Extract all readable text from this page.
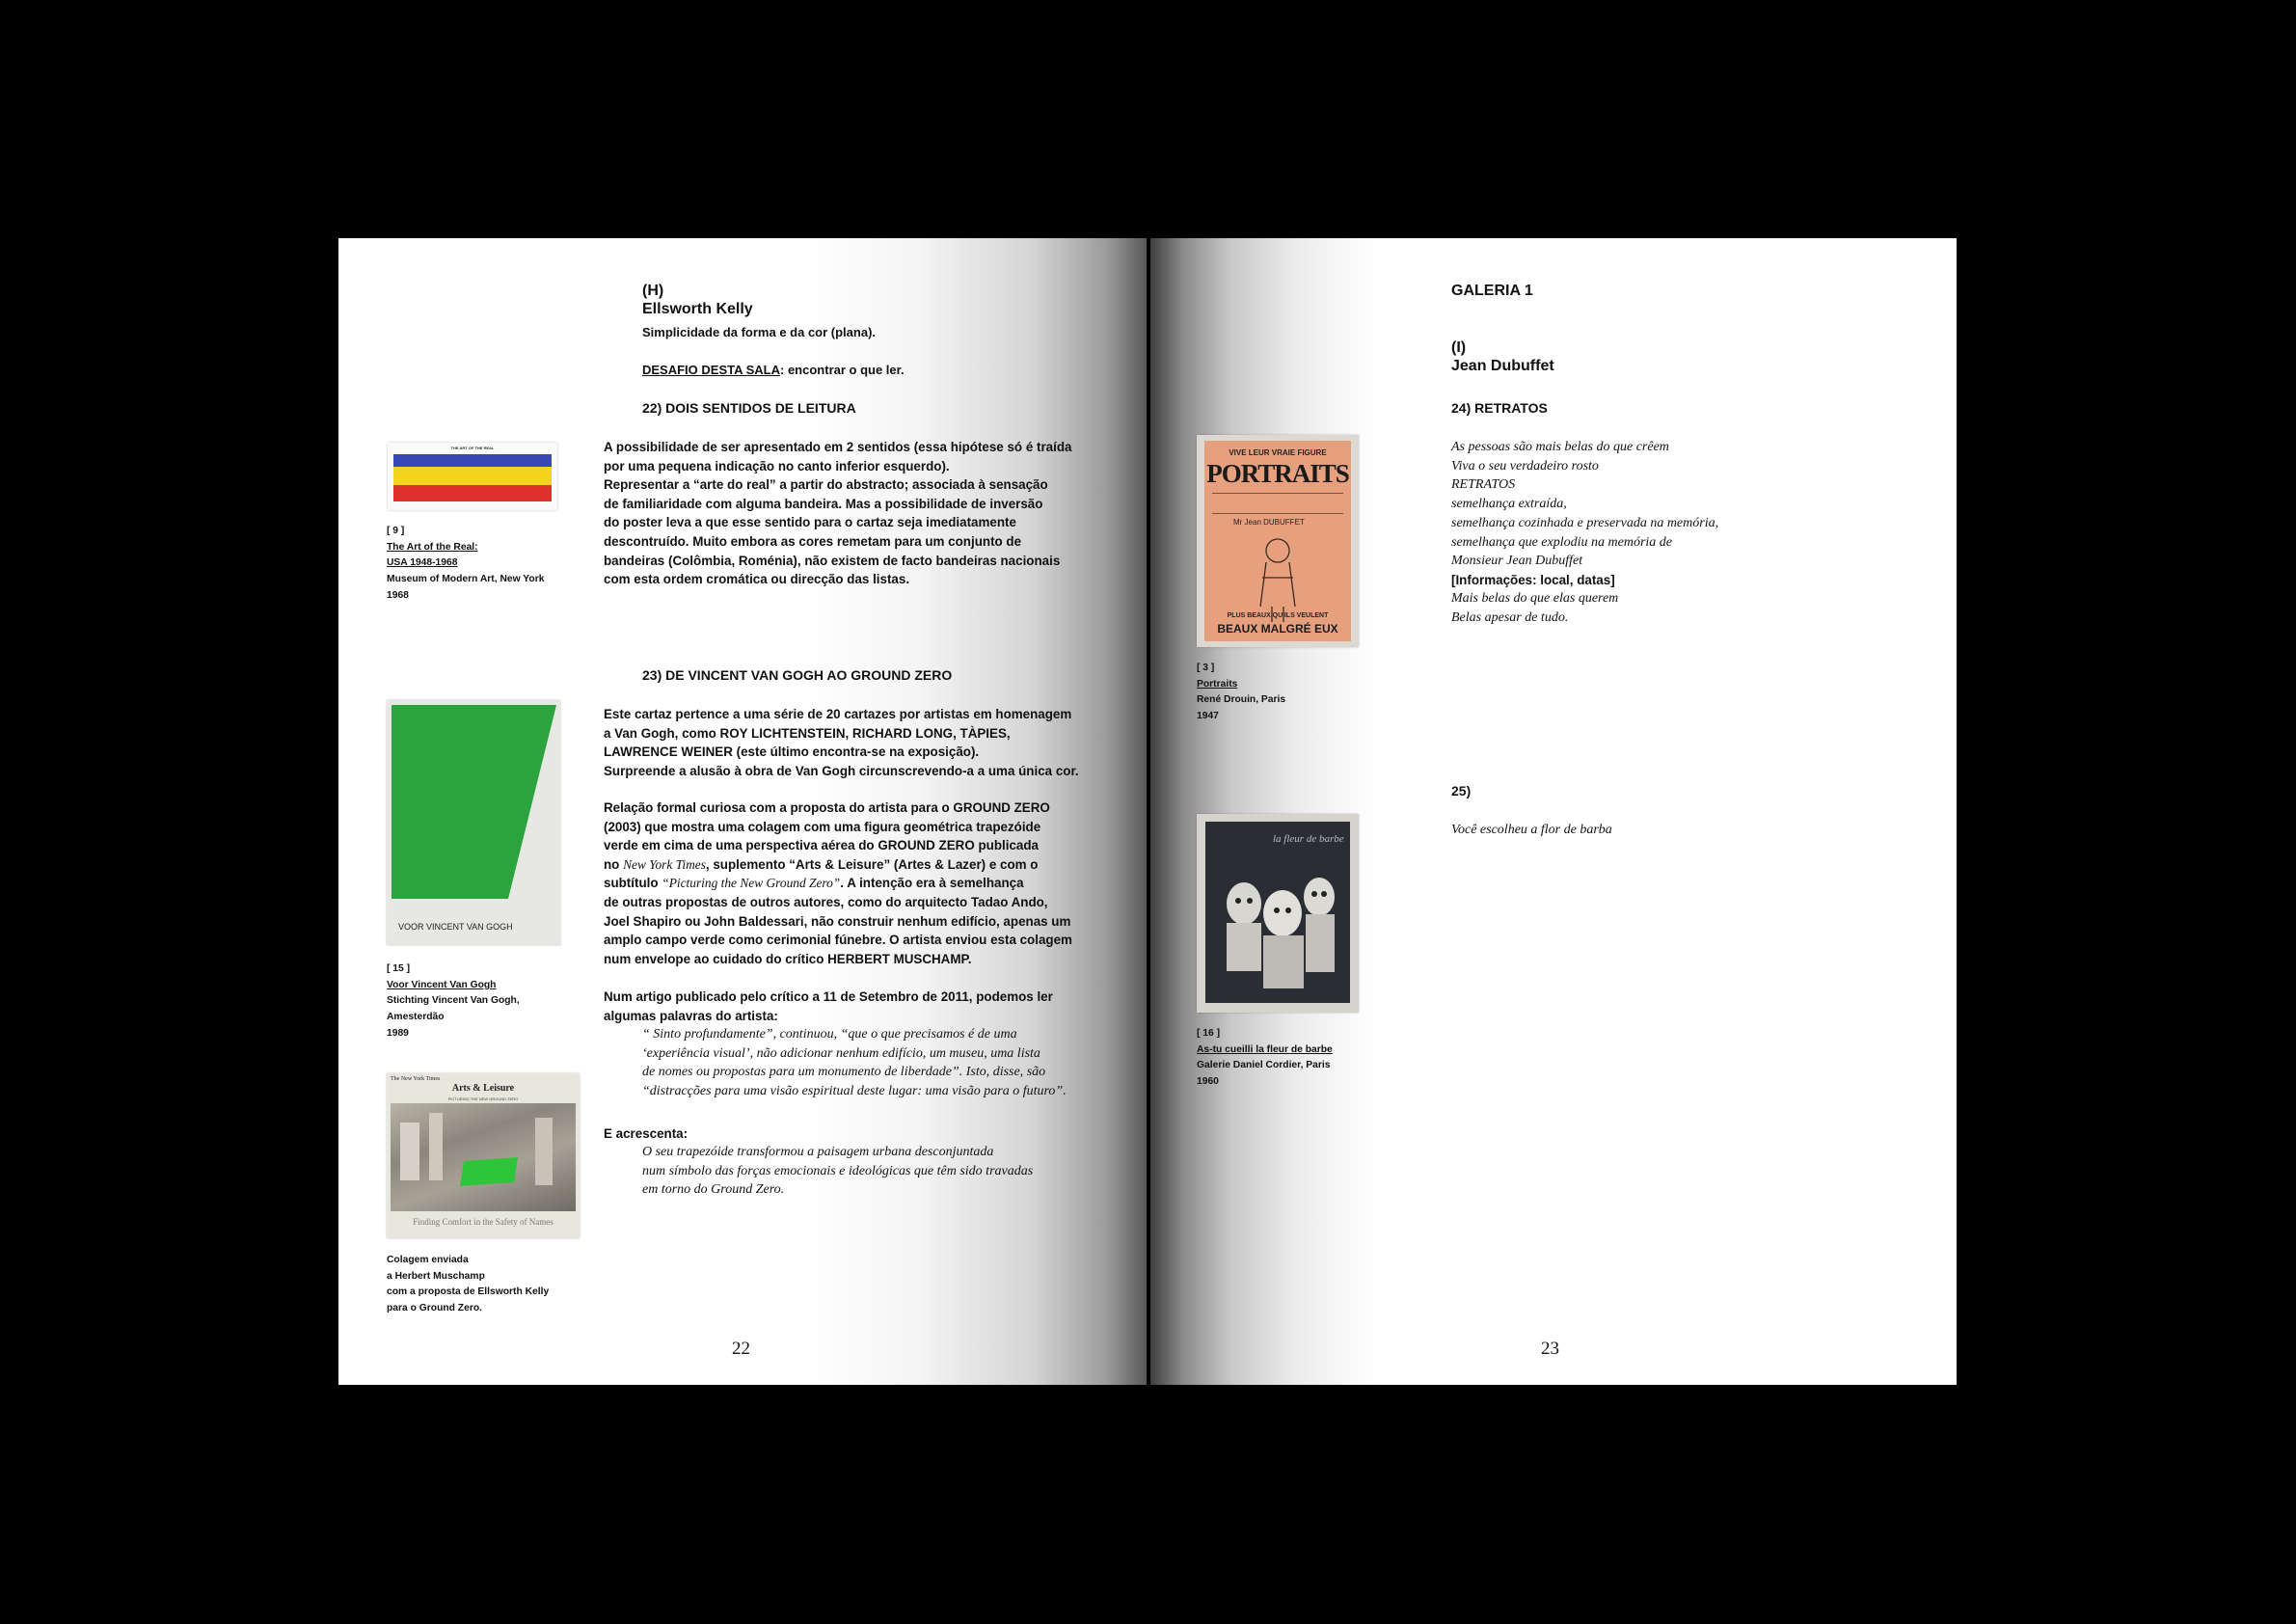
(H)
Ellsworth Kelly
Simplicidade da forma e da cor (plana).
DESAFIO DESTA SALA: encontrar o que ler.
22) DOIS SENTIDOS DE LEITURA
A possibilidade de ser apresentado em 2 sentidos (essa hipótese só é traída
por uma pequena indicação no canto inferior esquerdo).
Representar a “arte do real” a partir do abstracto; associada à sensação
de familiaridade com alguma bandeira. Mas a possibilidade de inversão
do poster leva a que esse sentido para o cartaz seja imediatamente
descontruído. Muito embora as cores remetam para um conjunto de
bandeiras (Colômbia, Roménia), não existem de facto bandeiras nacionais
com esta ordem cromática ou direcção das listas.
THE ART OF THE REAL
[ 9 ]
The Art of the Real:
USA 1948-1968
Museum of Modern Art, New York
1968
23) DE VINCENT VAN GOGH AO GROUND ZERO
Este cartaz pertence a uma série de 20 cartazes por artistas em homenagem
a Van Gogh, como ROY LICHTENSTEIN, RICHARD LONG, TÀPIES,
LAWRENCE WEINER (este último encontra-se na exposição).
Surpreende a alusão à obra de Van Gogh circunscrevendo-a a uma única cor.
Relação formal curiosa com a proposta do artista para o GROUND ZERO
(2003) que mostra uma colagem com uma figura geométrica trapezóide
verde em cima de uma perspectiva aérea do GROUND ZERO publicada
no New York Times, suplemento “Arts & Leisure” (Artes & Lazer) e com o
subtítulo “Picturing the New Ground Zero”. A intenção era à semelhança
de outras propostas de outros autores, como do arquitecto Tadao Ando,
Joel Shapiro ou John Baldessari, não construir nenhum edifício, apenas um
amplo campo verde como cerimonial fúnebre. O artista enviou esta colagem
num envelope ao cuidado do crítico HERBERT MUSCHAMP.
Num artigo publicado pelo crítico a 11 de Setembro de 2011, podemos ler
algumas palavras do artista:
“ Sinto profundamente”, continuou, “que o que precisamos é de uma
‘experiência visual’, não adicionar nenhum edifício, um museu, uma lista
de nomes ou propostas para um monumento de liberdade”. Isto, disse, são
“distracções para uma visão espiritual deste lugar: uma visão para o futuro”.
E acrescenta:
O seu trapezóide transformou a paisagem urbana desconjuntada
num símbolo das forças emocionais e ideológicas que têm sido travadas
em torno do Ground Zero.
VOOR VINCENT VAN GOGH
[ 15 ]
Voor Vincent Van Gogh
Stichting Vincent Van Gogh,
Amesterdão
1989
The New York Times
Arts & Leisure
PICTURING THE NEW GROUND ZERO
Finding Comfort in the Safety of Names
Colagem enviada
a Herbert Muschamp
com a proposta de Ellsworth Kelly
para o Ground Zero.
22
GALERIA 1
(I)
Jean Dubuffet
24) RETRATOS
As pessoas são mais belas do que crêem
Viva o seu verdadeiro rosto
RETRATOS
semelhança extraída,
semelhança cozinhada e preservada na memória,
semelhança que explodiu na memória de
Monsieur Jean Dubuffet
[Informações: local, datas]
Mais belas do que elas querem
Belas apesar de tudo.
25)
Você escolheu a flor de barba
VIVE LEUR VRAIE FIGURE
PORTRAITS
Mr Jean DUBUFFET
PLUS BEAUX QU'ILS VEULENT
BEAUX MALGRÉ EUX
[ 3 ]
Portraits
René Drouin, Paris
1947
la fleur de barbe
[ 16 ]
As-tu cueilli la fleur de barbe
Galerie Daniel Cordier, Paris
1960
23
